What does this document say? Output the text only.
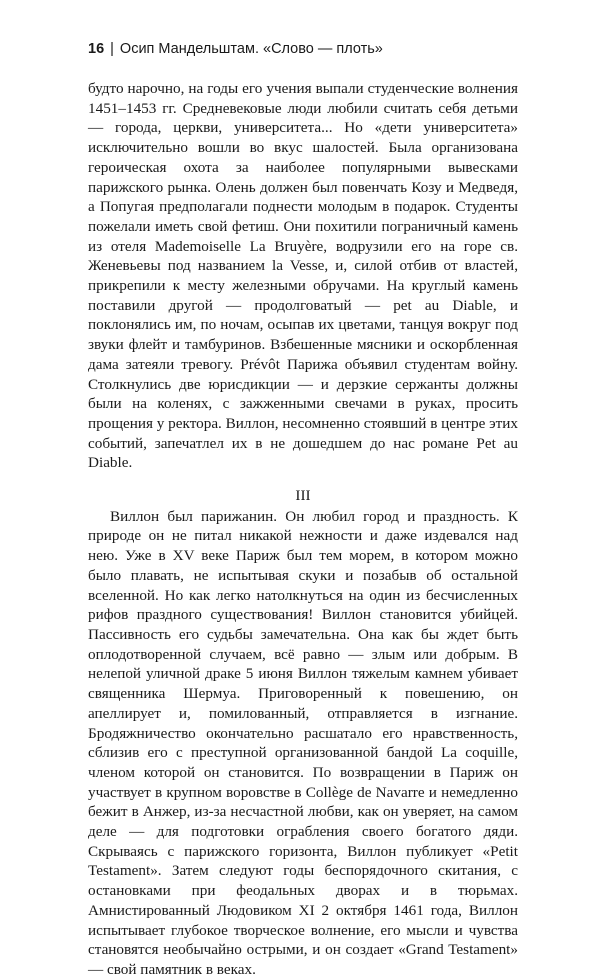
16 | Осип Мандельштам. «Слово — плоть»

будто нарочно, на годы его учения выпали студенческие волнения 1451–1453 гг. Средневековые люди любили считать себя детьми — города, церкви, университета... Но «дети университета» исключительно вошли во вкус шалостей. Была организована героическая охота за наиболее популярными вывесками парижского рынка. Олень должен был повенчать Козу и Медведя, а Попугая предполагали поднести молодым в подарок. Студенты пожелали иметь свой фетиш. Они похитили пограничный камень из отеля Mademoiselle La Bruyère, водрузили его на горе св. Женевьевы под названием la Vesse, и, силой отбив от властей, прикрепили к месту железными обручами. На круглый камень поставили другой — продолговатый — pet au Diable, и поклонялись им, по ночам, осыпав их цветами, танцуя вокруг под звуки флейт и тамбуринов. Взбешенные мясники и оскорбленная дама затеяли тревогу. Prévôt Парижа объявил студентам войну. Столкнулись две юрисдикции — и дерзкие сержанты должны были на коленях, с зажженными свечами в руках, просить прощения у ректора. Виллон, несомненно стоявший в центре этих событий, запечатлел их в не дошедшем до нас романе Pet au Diable.

III

Виллон был парижанин. Он любил город и праздность. К природе он не питал никакой нежности и даже издевался над нею. Уже в XV веке Париж был тем морем, в котором можно было плавать, не испытывая скуки и позабыв об остальной вселенной. Но как легко натолкнуться на один из бесчисленных рифов праздного существования! Виллон становится убийцей. Пассивность его судьбы замечательна. Она как бы ждет быть оплодотворенной случаем, всё равно — злым или добрым. В нелепой уличной драке 5 июня Виллон тяжелым камнем убивает священника Шермуа. Приговоренный к повешению, он апеллирует и, помилованный, отправляется в изгнание. Бродяжничество окончательно расшатало его нравственность, сблизив его с преступной организованной бандой La coquille, членом которой он становится. По возвращении в Париж он участвует в крупном воровстве в Collège de Navarre и немедленно бежит в Анжер, из-за несчастной любви, как он уверяет, на самом деле — для подготовки ограбления своего богатого дяди. Скрываясь с парижского горизонта, Виллон публикует «Petit Testament». Затем следуют годы беспорядочного скитания, с остановками при феодальных дворах и в тюрьмах. Амнистированный Людовиком XI 2 октября 1461 года, Виллон испытывает глубокое творческое волнение, его мысли и чувства становятся необычайно острыми, и он создает «Grand Testament» — свой памятник в веках.
